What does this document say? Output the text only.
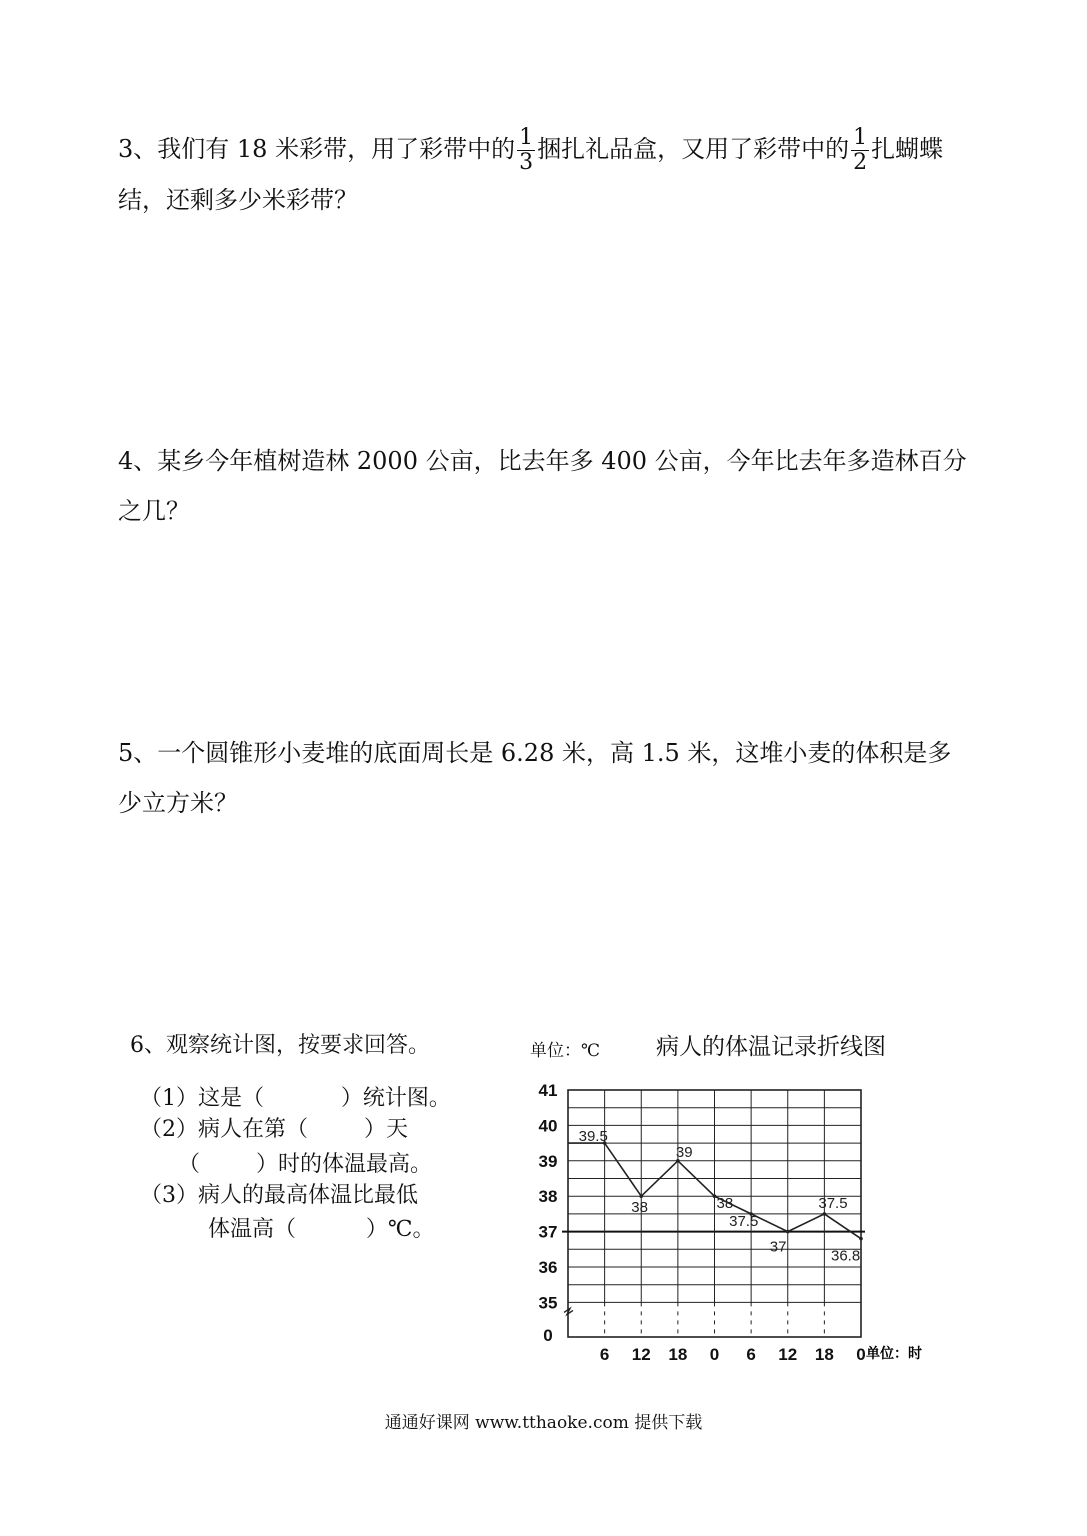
3、我们有 18 米彩带，用了彩带中的 $\frac{1}{3}$ 捆扎礼品盒，又用了彩带中的 $\frac{1}{2}$ 扎蝴蝶
结，还剩多少米彩带？
4、某乡今年植树造林 2000 公亩，比去年多 400 公亩，今年比去年多造林百分
之几？
5、一个圆锥形小麦堆的底面周长是 6.28 米，高 1.5 米，这堆小麦的体积是多
少立方米？
6、观察统计图，按要求回答。	单位：℃ 病人的体温记录折线图
（1）这是（           ）统计图。
（2）病人在第（        ）天
（        ）时的体温最高。
（3）病人的最高体温比最低
体温高（          ）℃。
41
40
39
38
37
36
35
0
6 12 18 0 6 12 18 0
39.5
38
39
38
37.5
37
37.5
36.8
单位：时
通通好课网 www.tthaoke.com 提供下载
